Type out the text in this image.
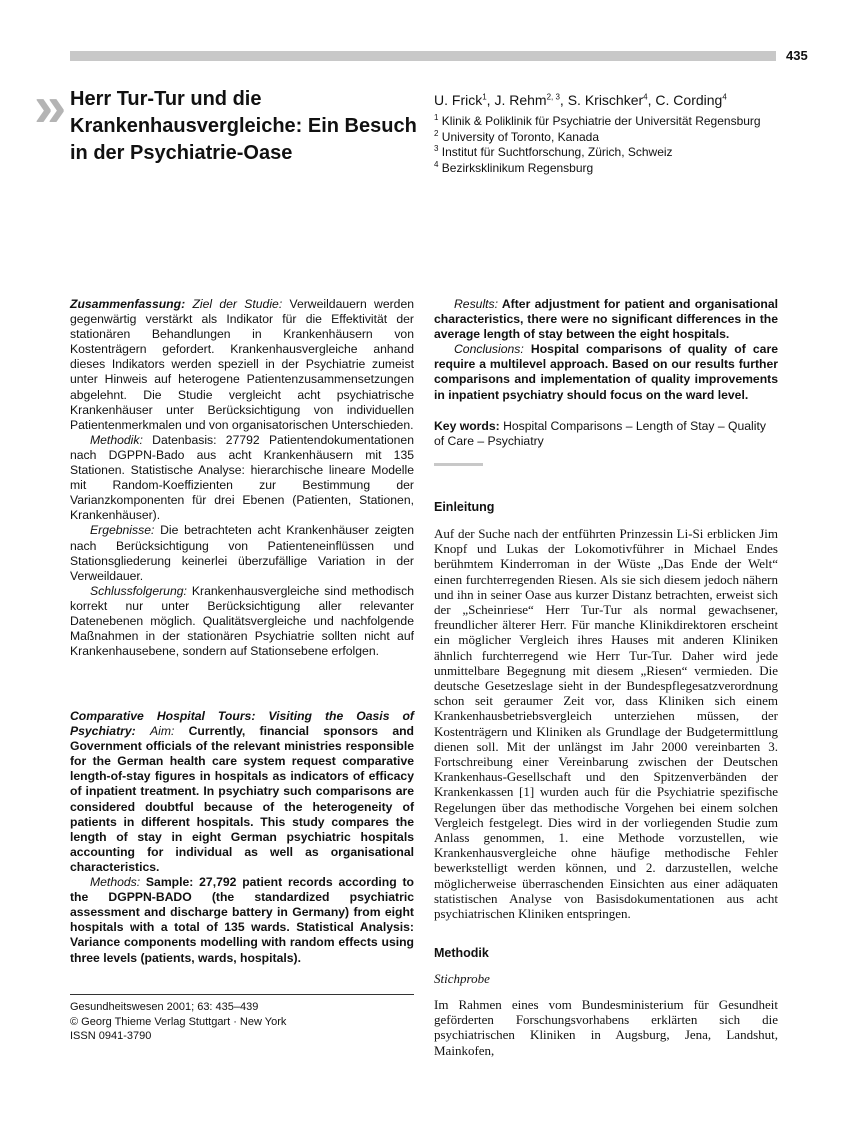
435
» Herr Tur-Tur und die Krankenhausvergleiche: Ein Besuch in der Psychiatrie-Oase
U. Frick$^1$, J. Rehm$^{2, 3}$, S. Krischker$^4$, C. Cording$^4$
$^1$ Klinik & Poliklinik für Psychiatrie der Universität Regensburg
$^2$ University of Toronto, Kanada
$^3$ Institut für Suchtforschung, Zürich, Schweiz
$^4$ Bezirksklinikum Regensburg

Zusammenfassung: Ziel der Studie: Verweildauern werden gegenwärtig verstärkt als Indikator für die Effektivität der stationären Behandlungen in Krankenhäusern von Kostenträgern gefordert. Krankenhausvergleiche anhand dieses Indikators werden speziell in der Psychiatrie zumeist unter Hinweis auf heterogene Patientenzusammensetzungen abgelehnt. Die Studie vergleicht acht psychiatrische Krankenhäuser unter Berücksichtigung von individuellen Patientenmerkmalen und von organisatorischen Unterschieden.

Methodik: Datenbasis: 27792 Patientendokumentationen nach DGPPN-Bado aus acht Krankenhäusern mit 135 Stationen. Statistische Analyse: hierarchische lineare Modelle mit Random-Koeffizienten zur Bestimmung der Varianzkomponenten für drei Ebenen (Patienten, Stationen, Krankenhäuser).

Ergebnisse: Die betrachteten acht Krankenhäuser zeigten nach Berücksichtigung von Patienteneinflüssen und Stationsgliederung keinerlei überzufällige Variation in der Verweildauer.

Schlussfolgerung: Krankenhausvergleiche sind methodisch korrekt nur unter Berücksichtigung aller relevanter Datenebenen möglich. Qualitätsvergleiche und nachfolgende Maßnahmen in der stationären Psychiatrie sollten nicht auf Krankenhausebene, sondern auf Stationsebene erfolgen.

Comparative Hospital Tours: Visiting the Oasis of Psychiatry: Aim: Currently, financial sponsors and Government officials of the relevant ministries responsible for the German health care system request comparative length-of-stay figures in hospitals as indicators of efficacy of inpatient treatment. In psychiatry such comparisons are considered doubtful because of the heterogeneity of patients in different hospitals. This study compares the length of stay in eight German psychiatric hospitals accounting for individual as well as organisational characteristics.

Methods: Sample: 27,792 patient records according to the DGPPN-BADO (the standardized psychiatric assessment and discharge battery in Germany) from eight hospitals with a total of 135 wards. Statistical Analysis: Variance components modelling with random effects using three levels (patients, wards, hospitals).

Results: After adjustment for patient and organisational characteristics, there were no significant differences in the average length of stay between the eight hospitals.

Conclusions: Hospital comparisons of quality of care require a multilevel approach. Based on our results further comparisons and implementation of quality improvements in inpatient psychiatry should focus on the ward level.

Key words: Hospital Comparisons – Length of Stay – Quality of Care – Psychiatry

Einleitung
Auf der Suche nach der entführten Prinzessin Li-Si erblicken Jim Knopf und Lukas der Lokomotivführer in Michael Endes berühmtem Kinderroman in der Wüste „Das Ende der Welt“ einen furchterregenden Riesen. Als sie sich diesem jedoch nähern und ihn in seiner Oase aus kurzer Distanz betrachten, erweist sich der „Scheinriese“ Herr Tur-Tur als normal gewachsener, freundlicher älterer Herr. Für manche Klinikdirektoren erscheint ein möglicher Vergleich ihres Hauses mit anderen Kliniken ähnlich furchterregend wie Herr Tur-Tur. Daher wird jede unmittelbare Begegnung mit diesem „Riesen“ vermieden. Die deutsche Gesetzeslage sieht in der Bundespflegesatzverordnung schon seit geraumer Zeit vor, dass Kliniken sich einem Krankenhausbetriebsvergleich unterziehen müssen, der Kostenträgern und Kliniken als Grundlage der Budgetermittlung dienen soll. Mit der unlängst im Jahr 2000 vereinbarten 3. Fortschreibung einer Vereinbarung zwischen der Deutschen Krankenhaus-Gesellschaft und den Spitzenverbänden der Krankenkassen [1] wurden auch für die Psychiatrie spezifische Regelungen über das methodische Vorgehen bei einem solchen Vergleich festgelegt. Dies wird in der vorliegenden Studie zum Anlass genommen, 1. eine Methode vorzustellen, wie Krankenhausvergleiche ohne häufige methodische Fehler bewerkstelligt werden können, und 2. darzustellen, welche möglicherweise überraschenden Einsichten aus einer adäquaten statistischen Analyse von Basisdokumentationen aus acht psychiatrischen Kliniken entspringen.
Methodik
Stichprobe
Im Rahmen eines vom Bundesministerium für Gesundheit geförderten Forschungsvorhabens erklärten sich die psychiatrischen Kliniken in Augsburg, Jena, Landshut, Mainkofen,
Gesundheitswesen 2001; 63: 435–439
© Georg Thieme Verlag Stuttgart · New York
ISSN 0941-3790
